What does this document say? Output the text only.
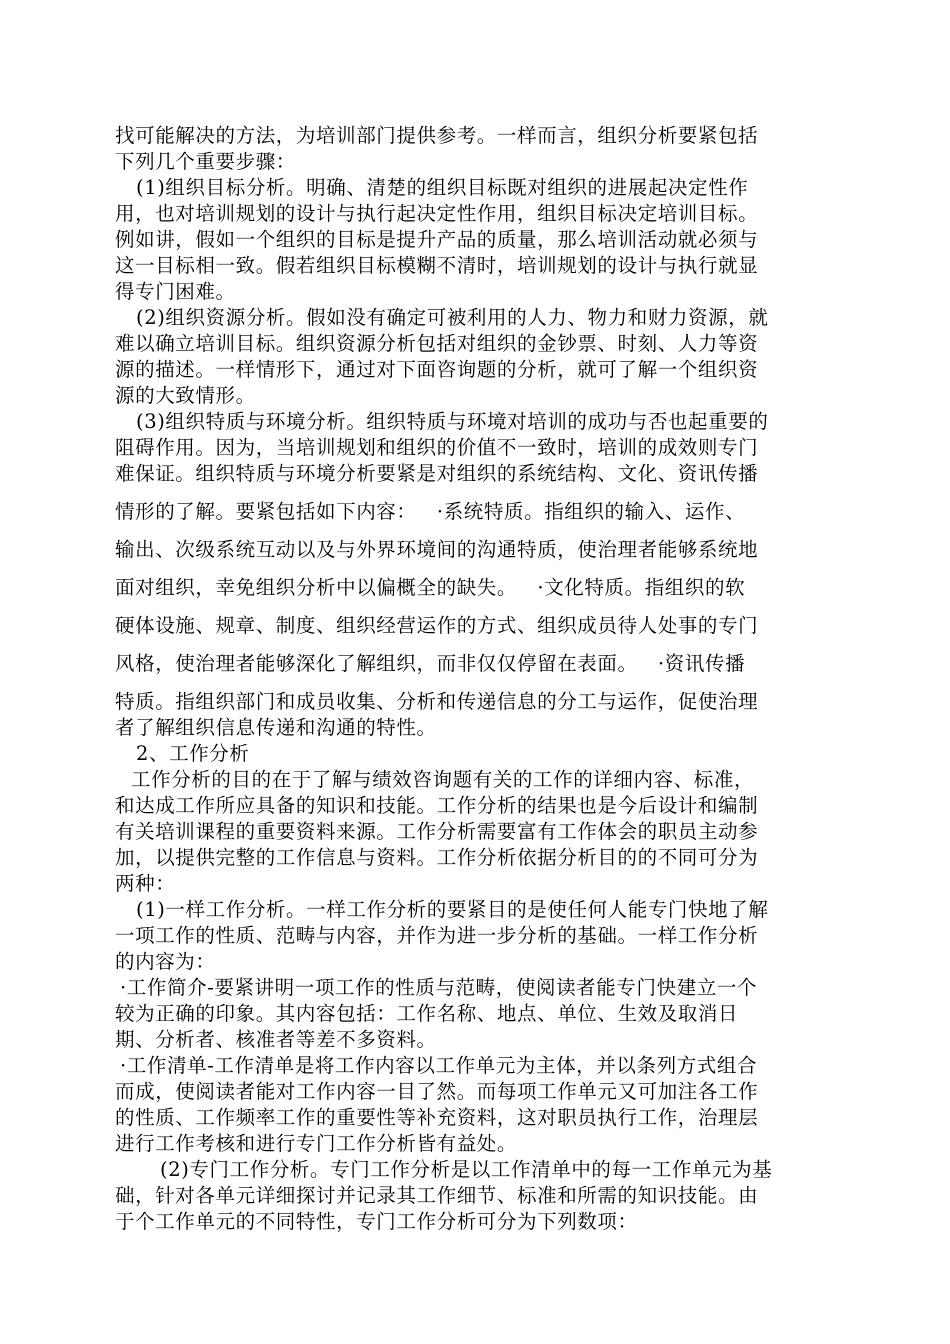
找可能解决的方法，为培训部门提供参考。一样而言，组织分析要紧包括
下列几个重要步骤：
(1)组织目标分析。明确、清楚的组织目标既对组织的进展起决定性作
用，也对培训规划的设计与执行起决定性作用，组织目标决定培训目标。
例如讲，假如一个组织的目标是提升产品的质量，那么培训活动就必须与
这一目标相一致。假若组织目标模糊不清时，培训规划的设计与执行就显
得专门困难。
(2)组织资源分析。假如没有确定可被利用的人力、物力和财力资源，就
难以确立培训目标。组织资源分析包括对组织的金钞票、时刻、人力等资
源的描述。一样情形下，通过对下面咨询题的分析，就可了解一个组织资
源的大致情形。
(3)组织特质与环境分析。组织特质与环境对培训的成功与否也起重要的
阻碍作用。因为，当培训规划和组织的价值不一致时，培训的成效则专门
难保证。组织特质与环境分析要紧是对组织的系统结构、文化、资讯传播
情形的了解。要紧包括如下内容：   ·系统特质。指组织的输入、运作、
输出、次级系统互动以及与外界环境间的沟通特质，使治理者能够系统地
面对组织，幸免组织分析中以偏概全的缺失。   ·文化特质。指组织的软
硬体设施、规章、制度、组织经营运作的方式、组织成员待人处事的专门
风格，使治理者能够深化了解组织，而非仅仅停留在表面。   ·资讯传播
特质。指组织部门和成员收集、分析和传递信息的分工与运作，促使治理
者了解组织信息传递和沟通的特性。
2、工作分析
工作分析的目的在于了解与绩效咨询题有关的工作的详细内容、标准，
和达成工作所应具备的知识和技能。工作分析的结果也是今后设计和编制
有关培训课程的重要资料来源。工作分析需要富有工作体会的职员主动参
加，以提供完整的工作信息与资料。工作分析依据分析目的的不同可分为
两种：
(1)一样工作分析。一样工作分析的要紧目的是使任何人能专门快地了解
一项工作的性质、范畴与内容，并作为进一步分析的基础。一样工作分析
的内容为：
·工作简介-要紧讲明一项工作的性质与范畴，使阅读者能专门快建立一个
较为正确的印象。其内容包括：工作名称、地点、单位、生效及取消日
期、分析者、核准者等差不多资料。
·工作清单-工作清单是将工作内容以工作单元为主体，并以条列方式组合
而成，使阅读者能对工作内容一目了然。而每项工作单元又可加注各工作
的性质、工作频率工作的重要性等补充资料，这对职员执行工作，治理层
进行工作考核和进行专门工作分析皆有益处。
(2)专门工作分析。专门工作分析是以工作清单中的每一工作单元为基
础，针对各单元详细探讨并记录其工作细节、标准和所需的知识技能。由
于个工作单元的不同特性，专门工作分析可分为下列数项：
